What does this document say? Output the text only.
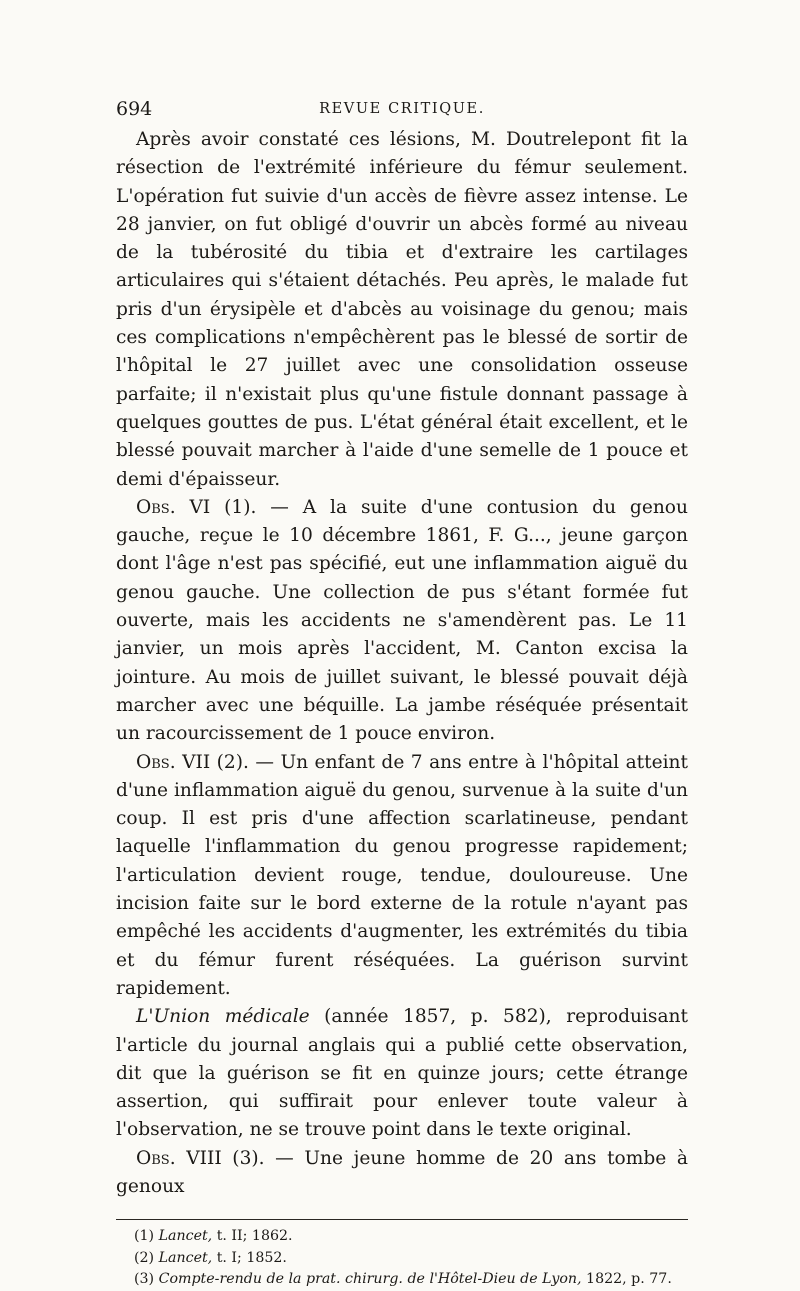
694	REVUE CRITIQUE.

Après avoir constaté ces lésions, M. Doutrelepont fit la résection de l'extrémité inférieure du fémur seulement. L'opération fut suivie d'un accès de fièvre assez intense. Le 28 janvier, on fut obligé d'ouvrir un abcès formé au niveau de la tubérosité du tibia et d'extraire les cartilages articulaires qui s'étaient détachés. Peu après, le malade fut pris d'un érysipèle et d'abcès au voisinage du genou; mais ces complications n'empêchèrent pas le blessé de sortir de l'hôpital le 27 juillet avec une consolidation osseuse parfaite; il n'existait plus qu'une fistule donnant passage à quelques gouttes de pus. L'état général était excellent, et le blessé pouvait marcher à l'aide d'une semelle de 1 pouce et demi d'épaisseur.

Obs. VI (1). — A la suite d'une contusion du genou gauche, reçue le 10 décembre 1861, F. G..., jeune garçon dont l'âge n'est pas spécifié, eut une inflammation aiguë du genou gauche. Une collection de pus s'étant formée fut ouverte, mais les accidents ne s'amendèrent pas. Le 11 janvier, un mois après l'accident, M. Canton excisa la jointure. Au mois de juillet suivant, le blessé pouvait déjà marcher avec une béquille. La jambe réséquée présentait un racourcissement de 1 pouce environ.

Obs. VII (2). — Un enfant de 7 ans entre à l'hôpital atteint d'une inflammation aiguë du genou, survenue à la suite d'un coup. Il est pris d'une affection scarlatineuse, pendant laquelle l'inflammation du genou progresse rapidement; l'articulation devient rouge, tendue, douloureuse. Une incision faite sur le bord externe de la rotule n'ayant pas empêché les accidents d'augmenter, les extrémités du tibia et du fémur furent réséquées. La guérison survint rapidement.

L'Union médicale (année 1857, p. 582), reproduisant l'article du journal anglais qui a publié cette observation, dit que la guérison se fit en quinze jours; cette étrange assertion, qui suffirait pour enlever toute valeur à l'observation, ne se trouve point dans le texte original.

Obs. VIII (3). — Une jeune homme de 20 ans tombe à genoux

(1) Lancet, t. II; 1862.
(2) Lancet, t. I; 1852.
(3) Compte-rendu de la prat. chirurg. de l'Hôtel-Dieu de Lyon, 1822, p. 77.
